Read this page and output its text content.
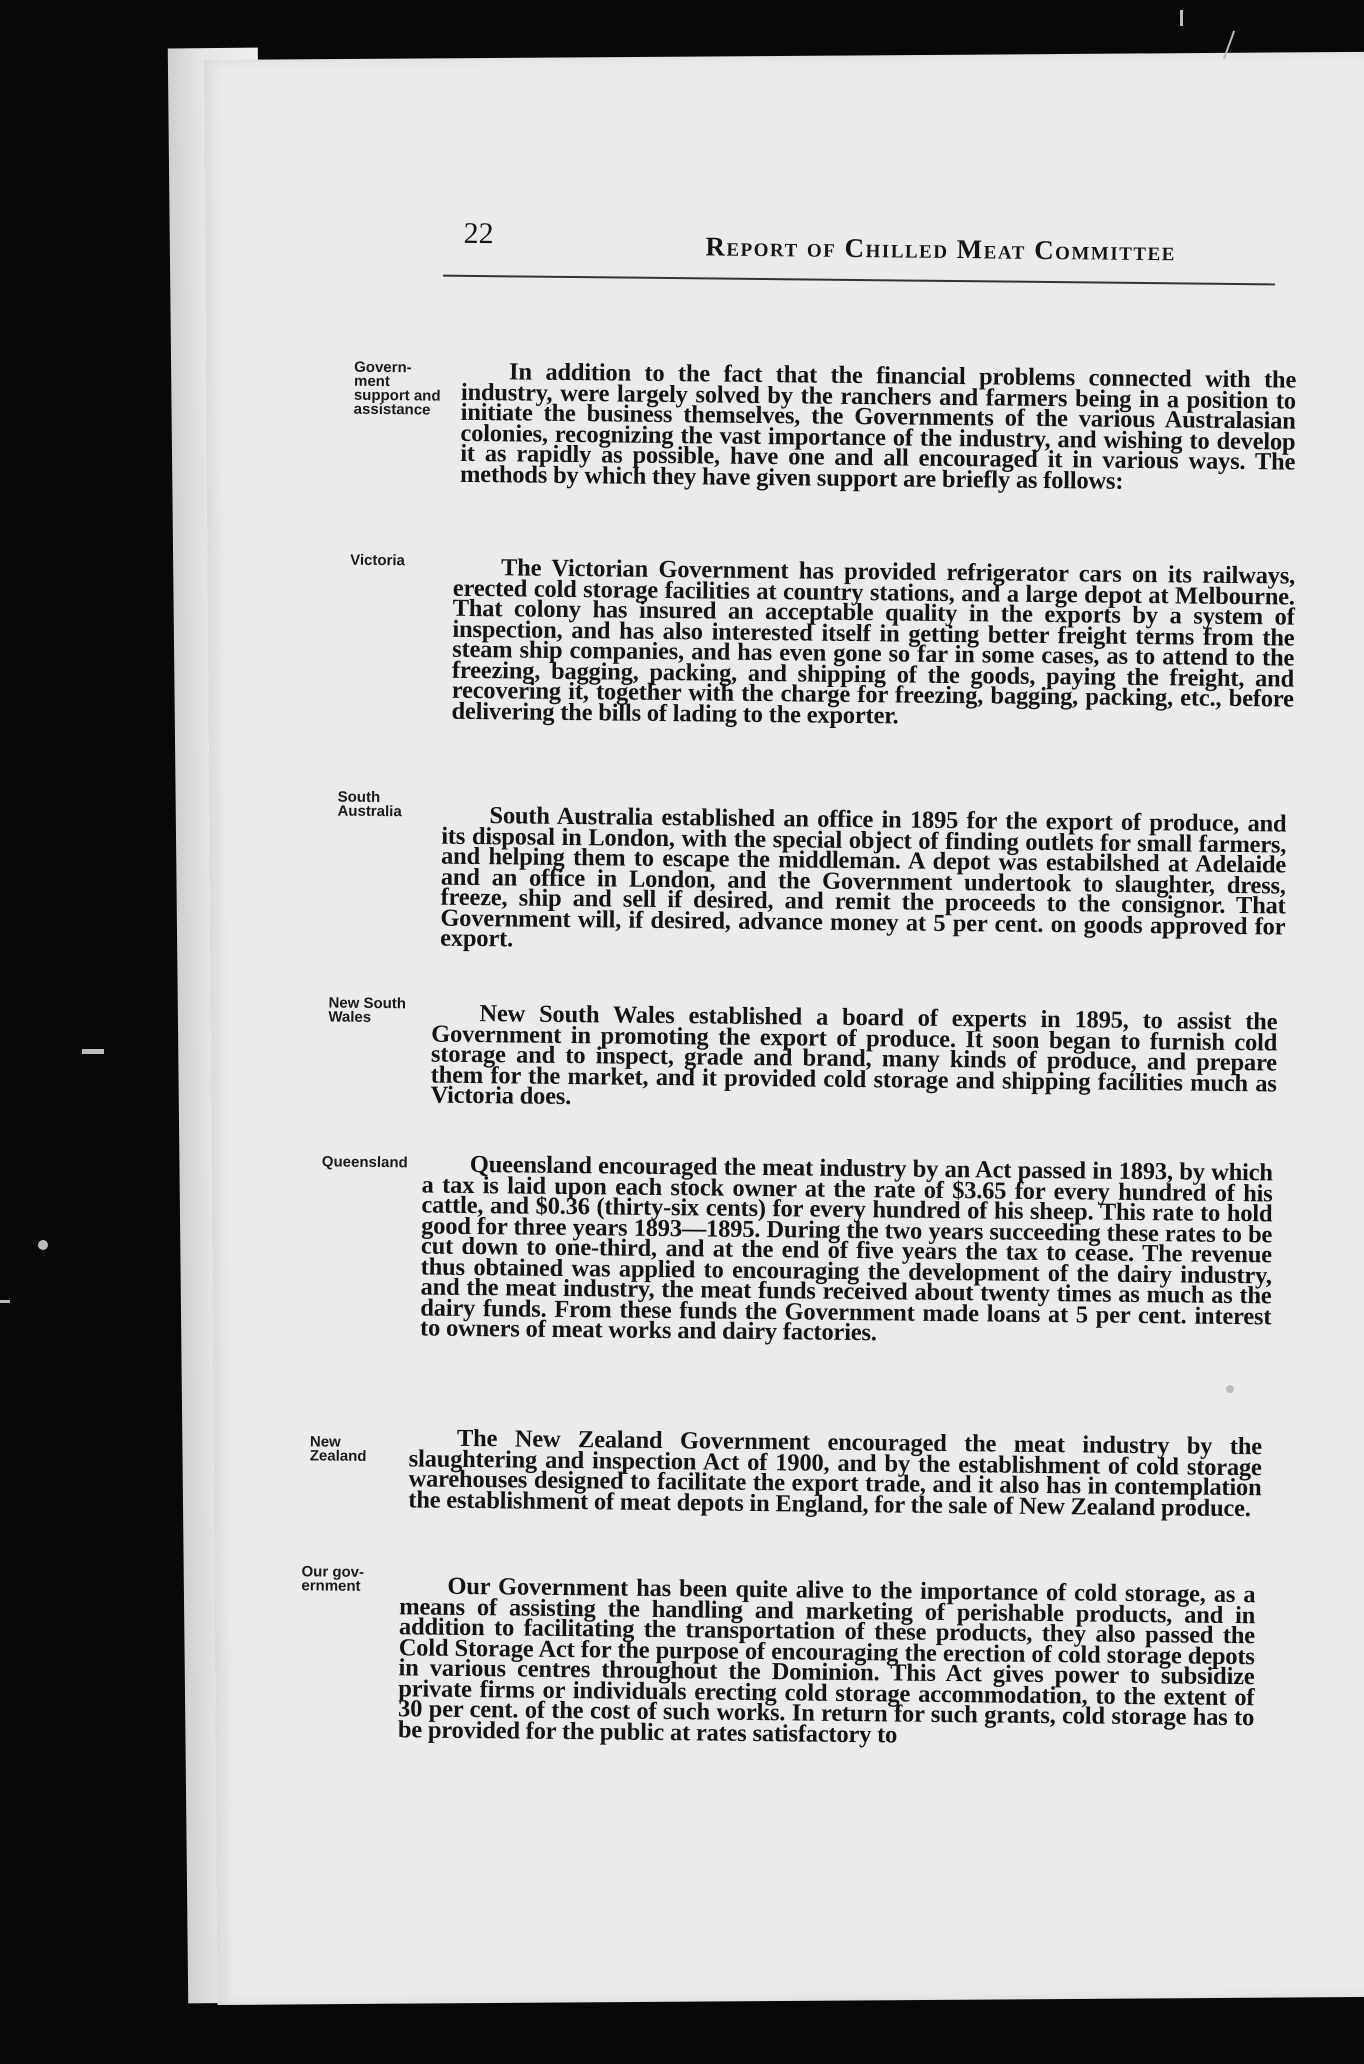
22	Report of Chilled Meat Committee
Govern-
ment
support and
assistance
In addition to the fact that the financial problems connected with the industry, were largely solved by the ranchers and farmers being in a position to initiate the business themselves, the Governments of the various Australasian colonies, recognizing the vast importance of the industry, and wishing to develop it as rapidly as possible, have one and all encouraged it in various ways. The methods by which they have given support are briefly as follows:
Victoria	The Victorian Government has provided refrigerator cars on its railways, erected cold storage facilities at country stations, and a large depot at Melbourne. That colony has insured an acceptable quality in the exports by a system of inspection, and has also interested itself in getting better freight terms from the steam ship companies, and has even gone so far in some cases, as to attend to the freezing, bagging, packing, and shipping of the goods, paying the freight, and recovering it, together with the charge for freezing, bagging, packing, etc., before delivering the bills of lading to the exporter.
South
Australia	South Australia established an office in 1895 for the export of produce, and its disposal in London, with the special object of finding outlets for small farmers, and helping them to escape the middleman. A depot was estabilshed at Adelaide and an office in London, and the Government undertook to slaughter, dress, freeze, ship and sell if desired, and remit the proceeds to the consignor. That Government will, if desired, advance money at 5 per cent. on goods approved for export.
New South
Wales	New South Wales established a board of experts in 1895, to assist the Government in promoting the export of produce. It soon began to furnish cold storage and to inspect, grade and brand, many kinds of produce, and prepare them for the market, and it provided cold storage and shipping facilities much as Victoria does.
Queensland	Queensland encouraged the meat industry by an Act passed in 1893, by which a tax is laid upon each stock owner at the rate of $3.65 for every hundred of his cattle, and $0.36 (thirty-six cents) for every hundred of his sheep. This rate to hold good for three years 1893—1895. During the two years succeeding these rates to be cut down to one-third, and at the end of five years the tax to cease. The revenue thus obtained was applied to encouraging the development of the dairy industry, and the meat industry, the meat funds received about twenty times as much as the dairy funds. From these funds the Government made loans at 5 per cent. interest to owners of meat works and dairy factories.
New
Zealand	The New Zealand Government encouraged the meat industry by the slaughtering and inspection Act of 1900, and by the establishment of cold storage warehouses designed to facilitate the export trade, and it also has in contemplation the establishment of meat depots in England, for the sale of New Zealand produce.
Our gov-
ernment	Our Government has been quite alive to the importance of cold storage, as a means of assisting the handling and marketing of perishable products, and in addition to facilitating the transportation of these products, they also passed the Cold Storage Act for the purpose of encouraging the erection of cold storage depots in various centres throughout the Dominion. This Act gives power to subsidize private firms or individuals erecting cold storage accommodation, to the extent of 30 per cent. of the cost of such works. In return for such grants, cold storage has to be provided for the public at rates satisfactory to
